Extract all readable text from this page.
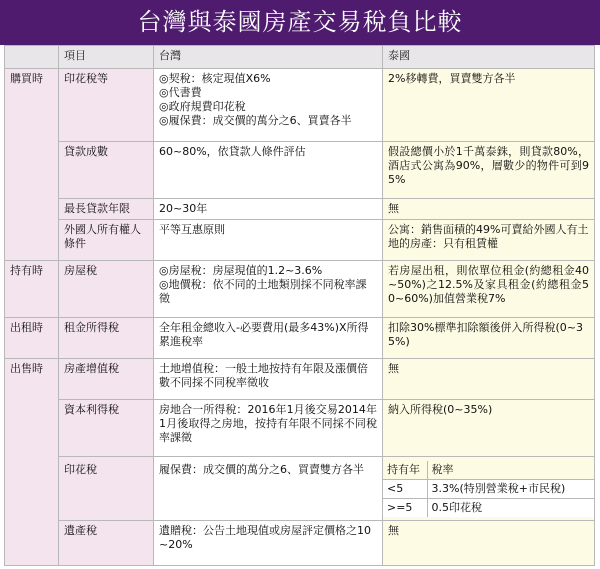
台灣與泰國房產交易稅負比較
	項目	台灣	泰國
購買時	印花稅等	◎契稅：核定現值X6%
◎代書費
◎政府規費印花稅
◎履保費：成交價的萬分之6、買賣各半
	2%移轉費，買賣雙方各半
貸款成數	60~80%，依貸款人條件評估	假設總價小於1千萬泰銖，則貸款80%，酒店式公寓為90%，層數少的物件可到95%
最長貸款年限	20~30年	無
外國人所有權人條件	平等互惠原則	公寓：銷售面積的49%可賣給外國人有土地的房產：只有租賃權
持有時	房屋稅	◎房屋稅：房屋現值的1.2~3.6%
◎地價稅：依不同的土地類別採不同稅率課徵
	若房屋出租，則依單位租金(約總租金40~50%)之12.5%及家具租金(約總租金50~60%)加值營業稅7%
出租時	租金所得稅	全年租金總收入-必要費用(最多43%)X所得累進稅率	扣除30%標準扣除額後併入所得稅(0~35%)
出售時	房產增值稅	土地增值稅：一般土地按持有年限及漲價倍數不同採不同稅率徵收	無
資本利得稅	房地合一所得稅：2016年1月後交易2014年1月後取得之房地，按持有年限不同採不同稅率課徵	納入所得稅(0~35%)
印花稅	履保費：成交價的萬分之6、買賣雙方各半	持有年	稅率
<5	3.3%(特別營業稅+市民稅)
>=5	0.5印花稅

遺產稅	遺贈稅：公告土地現值或房屋評定價格之10~20%	無
